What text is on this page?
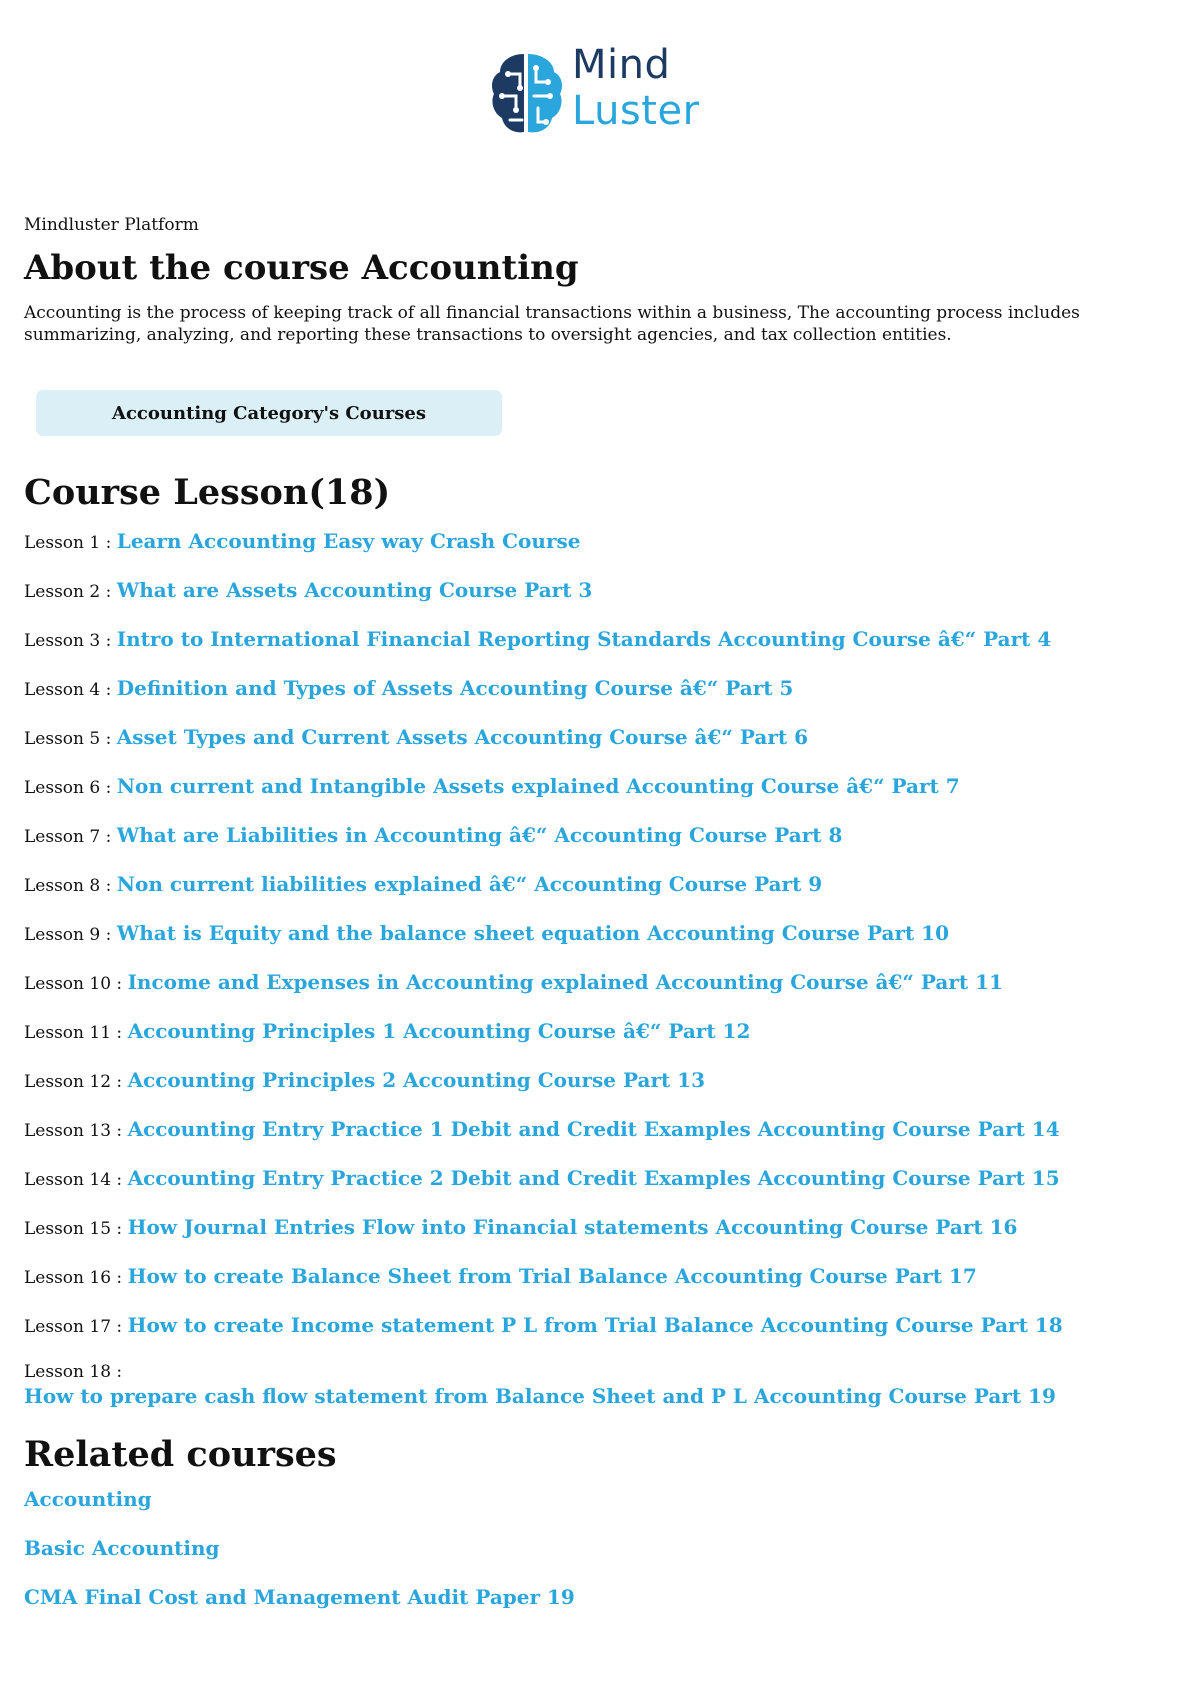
Mind
Luster

Mindluster Platform

About the course Accounting

Accounting is the process of keeping track of all financial transactions within a business, The accounting process includes summarizing, analyzing, and reporting these transactions to oversight agencies, and tax collection entities.

Accounting Category's Courses
Course Lesson(18)
Lesson 1 : Learn Accounting Easy way Crash Course
Lesson 2 : What are Assets Accounting Course Part 3
Lesson 3 : Intro to International Financial Reporting Standards Accounting Course â€“ Part 4
Lesson 4 : Definition and Types of Assets Accounting Course â€“ Part 5
Lesson 5 : Asset Types and Current Assets Accounting Course â€“ Part 6
Lesson 6 : Non current and Intangible Assets explained Accounting Course â€“ Part 7
Lesson 7 : What are Liabilities in Accounting â€“ Accounting Course Part 8
Lesson 8 : Non current liabilities explained â€“ Accounting Course Part 9
Lesson 9 : What is Equity and the balance sheet equation Accounting Course Part 10
Lesson 10 : Income and Expenses in Accounting explained Accounting Course â€“ Part 11
Lesson 11 : Accounting Principles 1 Accounting Course â€“ Part 12
Lesson 12 : Accounting Principles 2 Accounting Course Part 13
Lesson 13 : Accounting Entry Practice 1 Debit and Credit Examples Accounting Course Part 14
Lesson 14 : Accounting Entry Practice 2 Debit and Credit Examples Accounting Course Part 15
Lesson 15 : How Journal Entries Flow into Financial statements Accounting Course Part 16
Lesson 16 : How to create Balance Sheet from Trial Balance Accounting Course Part 17
Lesson 17 : How to create Income statement P L from Trial Balance Accounting Course Part 18
Lesson 18 :
How to prepare cash flow statement from Balance Sheet and P L Accounting Course Part 19
Related courses
Accounting
Basic Accounting
CMA Final Cost and Management Audit Paper 19
